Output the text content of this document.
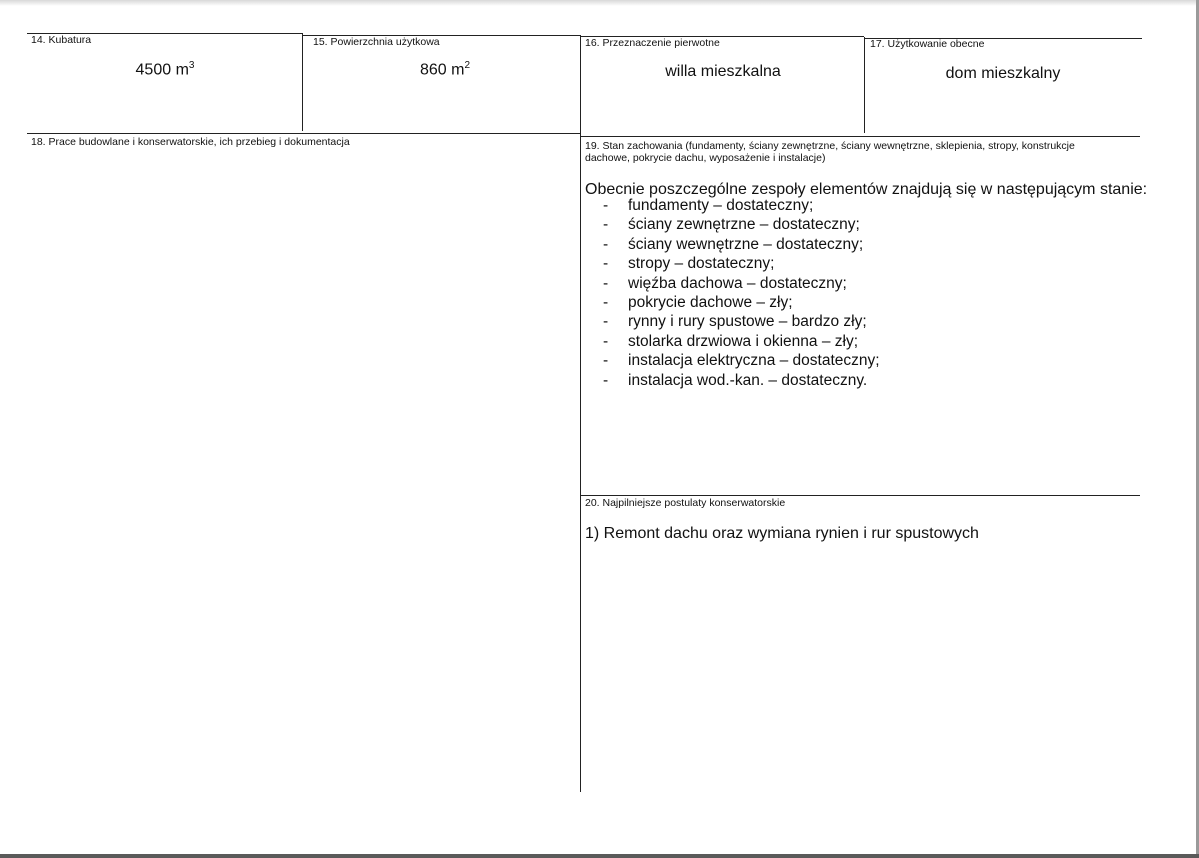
14. Kubatura
4500 $m^3$
15. Powierzchnia użytkowa
860 $m^2$
16. Przeznaczenie pierwotne
willa mieszkalna
17. Użytkowanie obecne
dom mieszkalny
18. Prace budowlane i konserwatorskie, ich przebieg i dokumentacja	19. Stan zachowania (fundamenty, ściany zewnętrzne, ściany wewnętrzne, sklepienia, stropy, konstrukcje dachowe, pokrycie dachu, wyposażenie i instalacje)
Obecnie poszczególne zespoły elementów znajdują się w następującym stanie:
- fundamenty – dostateczny;
- ściany zewnętrzne – dostateczny;
- ściany wewnętrzne – dostateczny;
- stropy – dostateczny;
- więźba dachowa – dostateczny;
- pokrycie dachowe – zły;
- rynny i rury spustowe – bardzo zły;
- stolarka drzwiowa i okienna – zły;
- instalacja elektryczna – dostateczny;
- instalacja wod.-kan. – dostateczny.
20. Najpilniejsze postulaty konserwatorskie
1) Remont dachu oraz wymiana rynien i rur spustowych
